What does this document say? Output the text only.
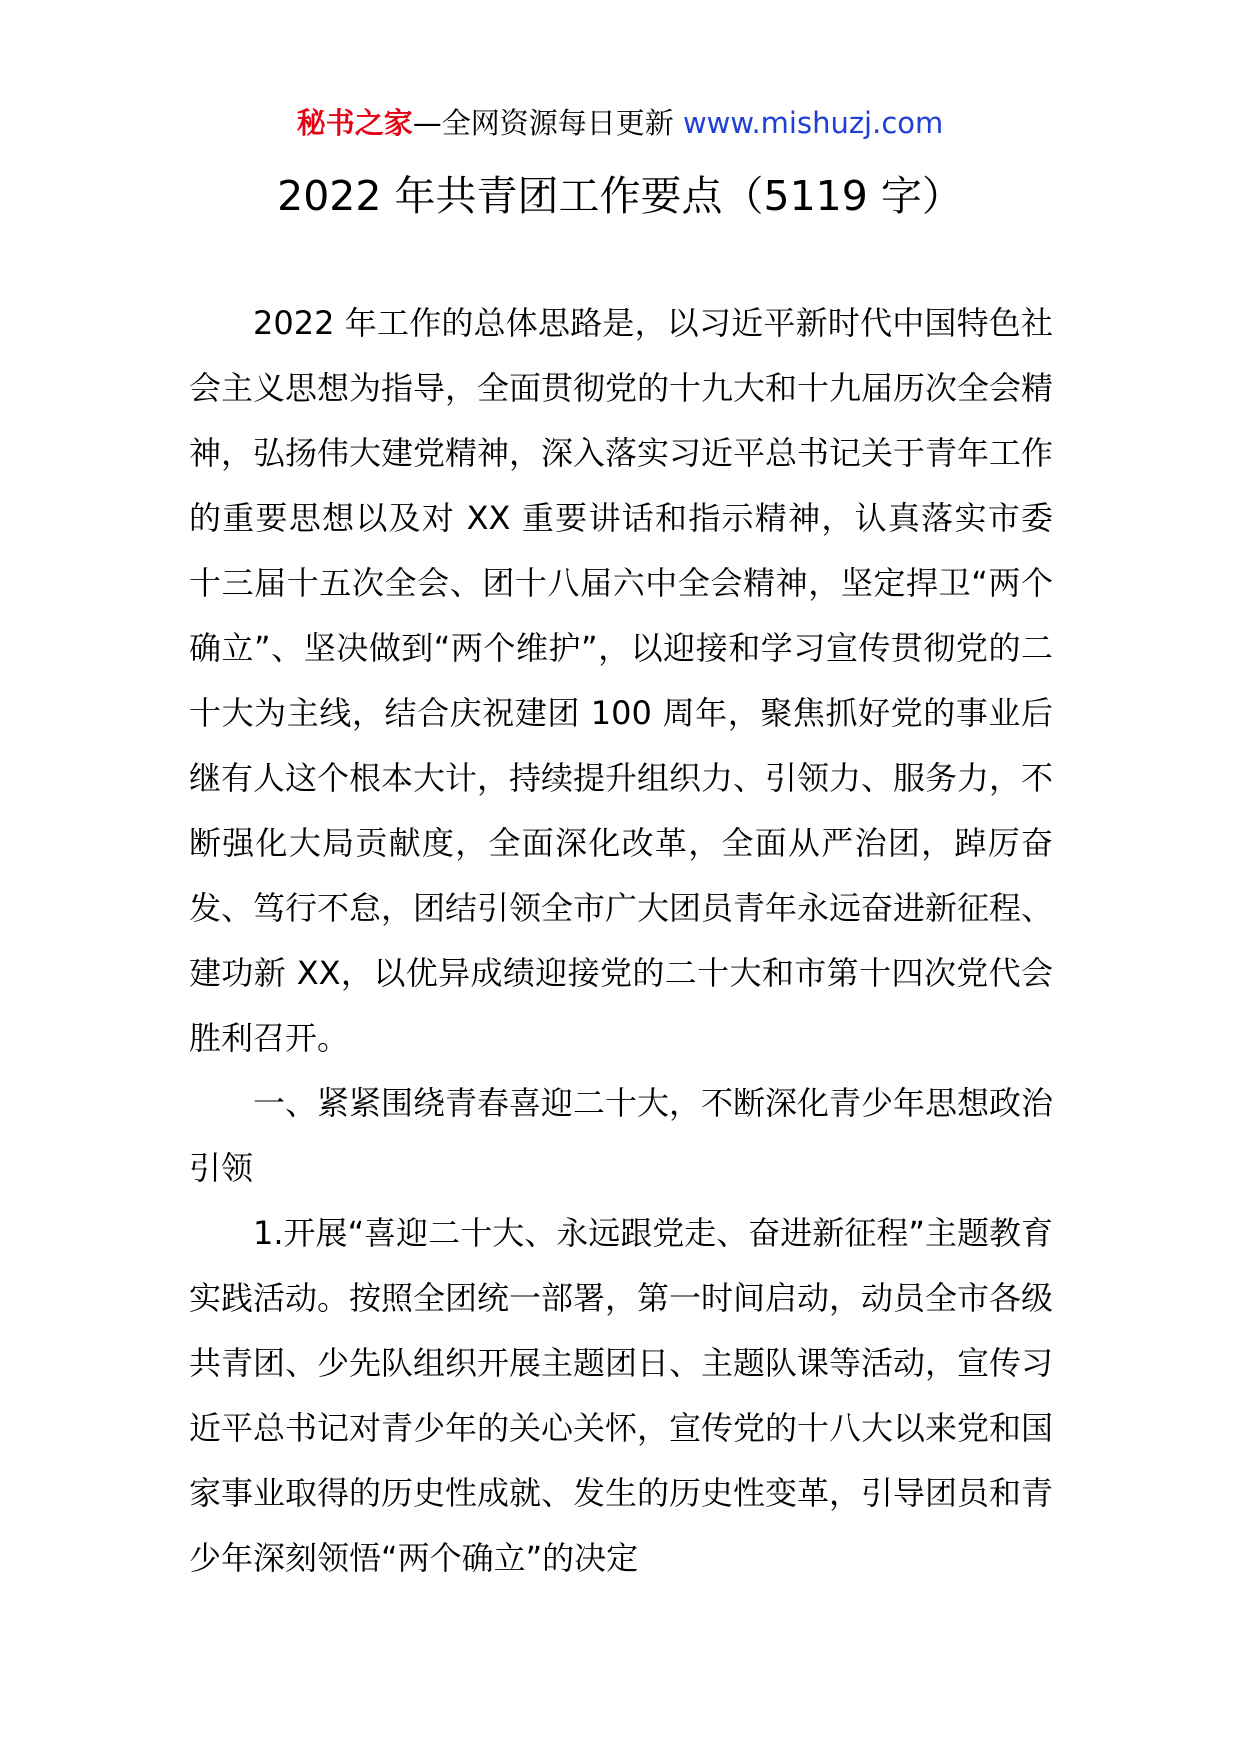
秘书之家—全网资源每日更新 www.mishuzj.com
2022 年共青团工作要点（5119 字）

2022 年工作的总体思路是，以习近平新时代中国特色社会主义思想为指导，全面贯彻党的十九大和十九届历次全会精神，弘扬伟大建党精神，深入落实习近平总书记关于青年工作的重要思想以及对 XX 重要讲话和指示精神，认真落实市委十三届十五次全会、团十八届六中全会精神，坚定捍卫“两个确立”、坚决做到“两个维护”，以迎接和学习宣传贯彻党的二十大为主线，结合庆祝建团 100 周年，聚焦抓好党的事业后继有人这个根本大计，持续提升组织力、引领力、服务力，不断强化大局贡献度，全面深化改革，全面从严治团，踔厉奋发、笃行不怠，团结引领全市广大团员青年永远奋进新征程、建功新 XX，以优异成绩迎接党的二十大和市第十四次党代会胜利召开。

一、紧紧围绕青春喜迎二十大，不断深化青少年思想政治引领

1.开展“喜迎二十大、永远跟党走、奋进新征程”主题教育实践活动。按照全团统一部署，第一时间启动，动员全市各级共青团、少先队组织开展主题团日、主题队课等活动，宣传习近平总书记对青少年的关心关怀，宣传党的十八大以来党和国家事业取得的历史性成就、发生的历史性变革，引导团员和青少年深刻领悟“两个确立”的决定
